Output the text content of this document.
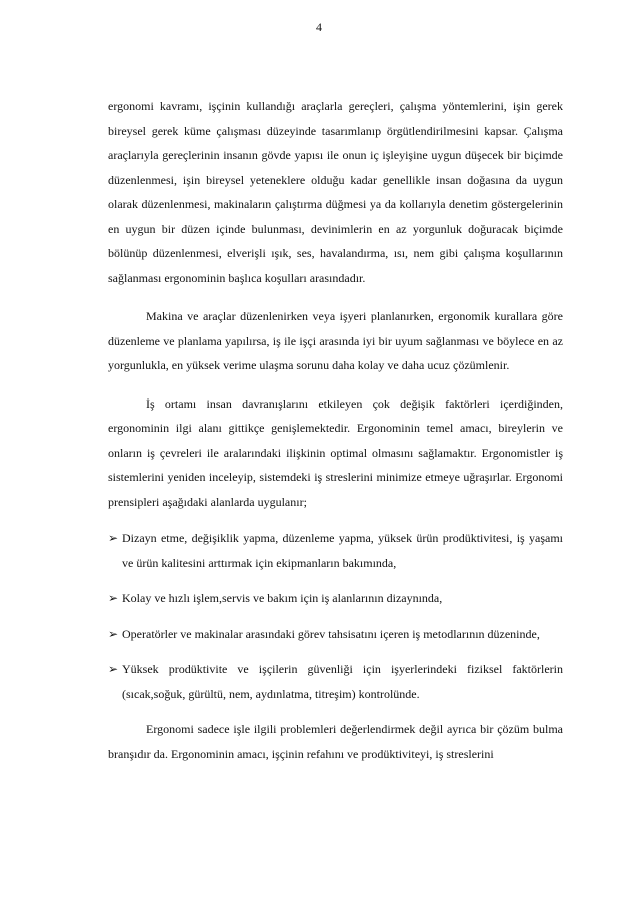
4

ergonomi kavramı, işçinin kullandığı araçlarla gereçleri, çalışma yöntemlerini, işin gerek bireysel gerek küme çalışması düzeyinde tasarımlanıp örgütlendirilmesini kapsar. Çalışma araçlarıyla gereçlerinin insanın gövde yapısı ile onun iç işleyişine uygun düşecek bir biçimde düzenlenmesi, işin bireysel yeteneklere olduğu kadar genellikle insan doğasına da uygun olarak düzenlenmesi, makinaların çalıştırma düğmesi ya da kollarıyla denetim göstergelerinin en uygun bir düzen içinde bulunması, devinimlerin en az yorgunluk doğuracak biçimde bölünüp düzenlenmesi, elverişli ışık, ses, havalandırma, ısı, nem gibi çalışma koşullarının sağlanması ergonominin başlıca koşulları arasındadır.

Makina ve araçlar düzenlenirken veya işyeri planlanırken, ergonomik kurallara göre düzenleme ve planlama yapılırsa, iş ile işçi arasında iyi bir uyum sağlanması ve böylece en az yorgunlukla, en yüksek verime ulaşma sorunu daha kolay ve daha ucuz çözümlenir.

İş ortamı insan davranışlarını etkileyen çok değişik faktörleri içerdiğinden, ergonominin ilgi alanı gittikçe genişlemektedir. Ergonominin temel amacı, bireylerin ve onların iş çevreleri ile aralarındaki ilişkinin optimal olmasını sağlamaktır. Ergonomistler iş sistemlerini yeniden inceleyip, sistemdeki iş streslerini minimize etmeye uğraşırlar. Ergonomi prensipleri aşağıdaki alanlarda uygulanır;

➢ Dizayn etme, değişiklik yapma, düzenleme yapma, yüksek ürün prodüktivitesi, iş yaşamı ve ürün kalitesini arttırmak için ekipmanların bakımında,
➢ Kolay ve hızlı işlem,servis ve bakım için iş alanlarının dizaynında,
➢ Operatörler ve makinalar arasındaki görev tahsisatını içeren iş metodlarının düzeninde,
➢ Yüksek prodüktivite ve işçilerin güvenliği için işyerlerindeki fiziksel faktörlerin (sıcak,soğuk, gürültü, nem, aydınlatma, titreşim) kontrolünde.

Ergonomi sadece işle ilgili problemleri değerlendirmek değil ayrıca bir çözüm bulma branşıdır da. Ergonominin amacı, işçinin refahını ve prodüktiviteyi, iş streslerini
